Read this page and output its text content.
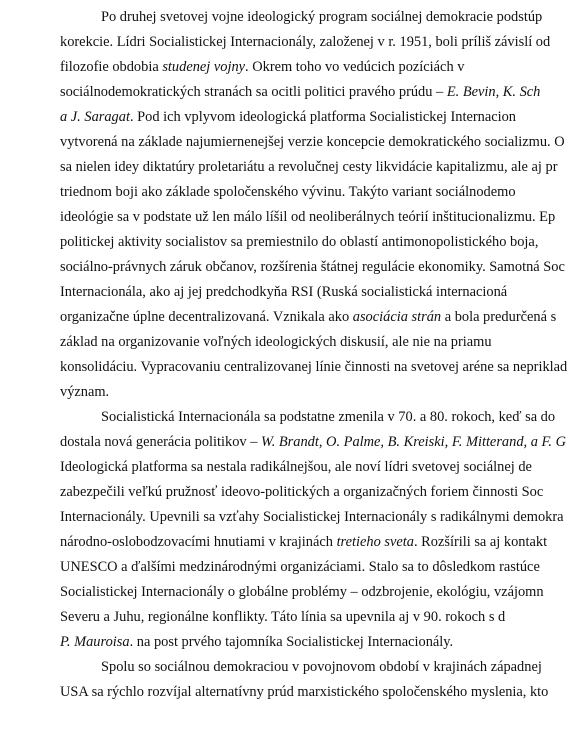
Po druhej svetovej vojne ideologický program sociálnej demokracie podstúp
korekcie. Lídri Socialistickej Internacionály, založenej v r. 1951, boli príliš závislí od
filozofie obdobia studenej vojny. Okrem toho vo vedúcich pozíciách v
sociálnodemokratických stranách sa ocitli politici pravého prúdu – E. Bevin, K. Sch
a J. Saragat. Pod ich vplyvom ideologická platforma Socialistickej Internacion
vytvorená na základe najumiernenejšej verzie koncepcie demokratického socializmu. O
sa nielen idey diktatúry proletariátu a revolučnej cesty likvidácie kapitalizmu, ale aj pr
triednom boji ako základe spoločenského vývinu. Takýto variant sociálnodemo
ideológie sa v podstate už len málo líšil od neoliberálnych teórií inštitucionalizmu. Ep
politickej aktivity socialistov sa premiestnilo do oblastí antimonopolistického boja,
sociálno-právnych záruk občanov, rozšírenia štátnej regulácie ekonomiky. Samotná Soc
Internacionála, ako aj jej predchodkyňa RSI (Ruská socialistická internacioná
organizačne úplne decentralizovaná. Vznikala ako asociácia strán a bola predurčená s
základ na organizovanie voľných ideologických diskusií, ale nie na priamu
konsolidáciu. Vypracovaniu centralizovanej línie činnosti na svetovej aréne sa nepriklad
význam.
Socialistická Internacionála sa podstatne zmenila v 70. a 80. rokoch, keď sa do
dostala nová generácia politikov – W. Brandt, O. Palme, B. Kreiski, F. Mitterand, a F. G
Ideologická platforma sa nestala radikálnejšou, ale noví lídri svetovej sociálnej de
zabezpečili veľkú pružnosť ideovo-politických a organizačných foriem činnosti Soc
Internacionály. Upevnili sa vzťahy Socialistickej Internacionály s radikálnymi demokra
národno-oslobodzovacími hnutiami v krajinách tretieho sveta. Rozšírili sa aj kontakt
UNESCO a ďalšími medzinárodnými organizáciami. Stalo sa to dôsledkom rastúce
Socialistickej Internacionály o globálne problémy – odzbrojenie, ekológiu, vzájomn
Severu a Juhu, regionálne konflikty. Táto línia sa upevnila aj v 90. rokoch s d
P. Mauroisa. na post prvého tajomníka Socialistickej Internacionály.
Spolu so sociálnou demokraciou v povojnovom období v krajinách západnej
USA sa rýchlo rozvíjal alternatívny prúd marxistického spoločenského myslenia, kto
